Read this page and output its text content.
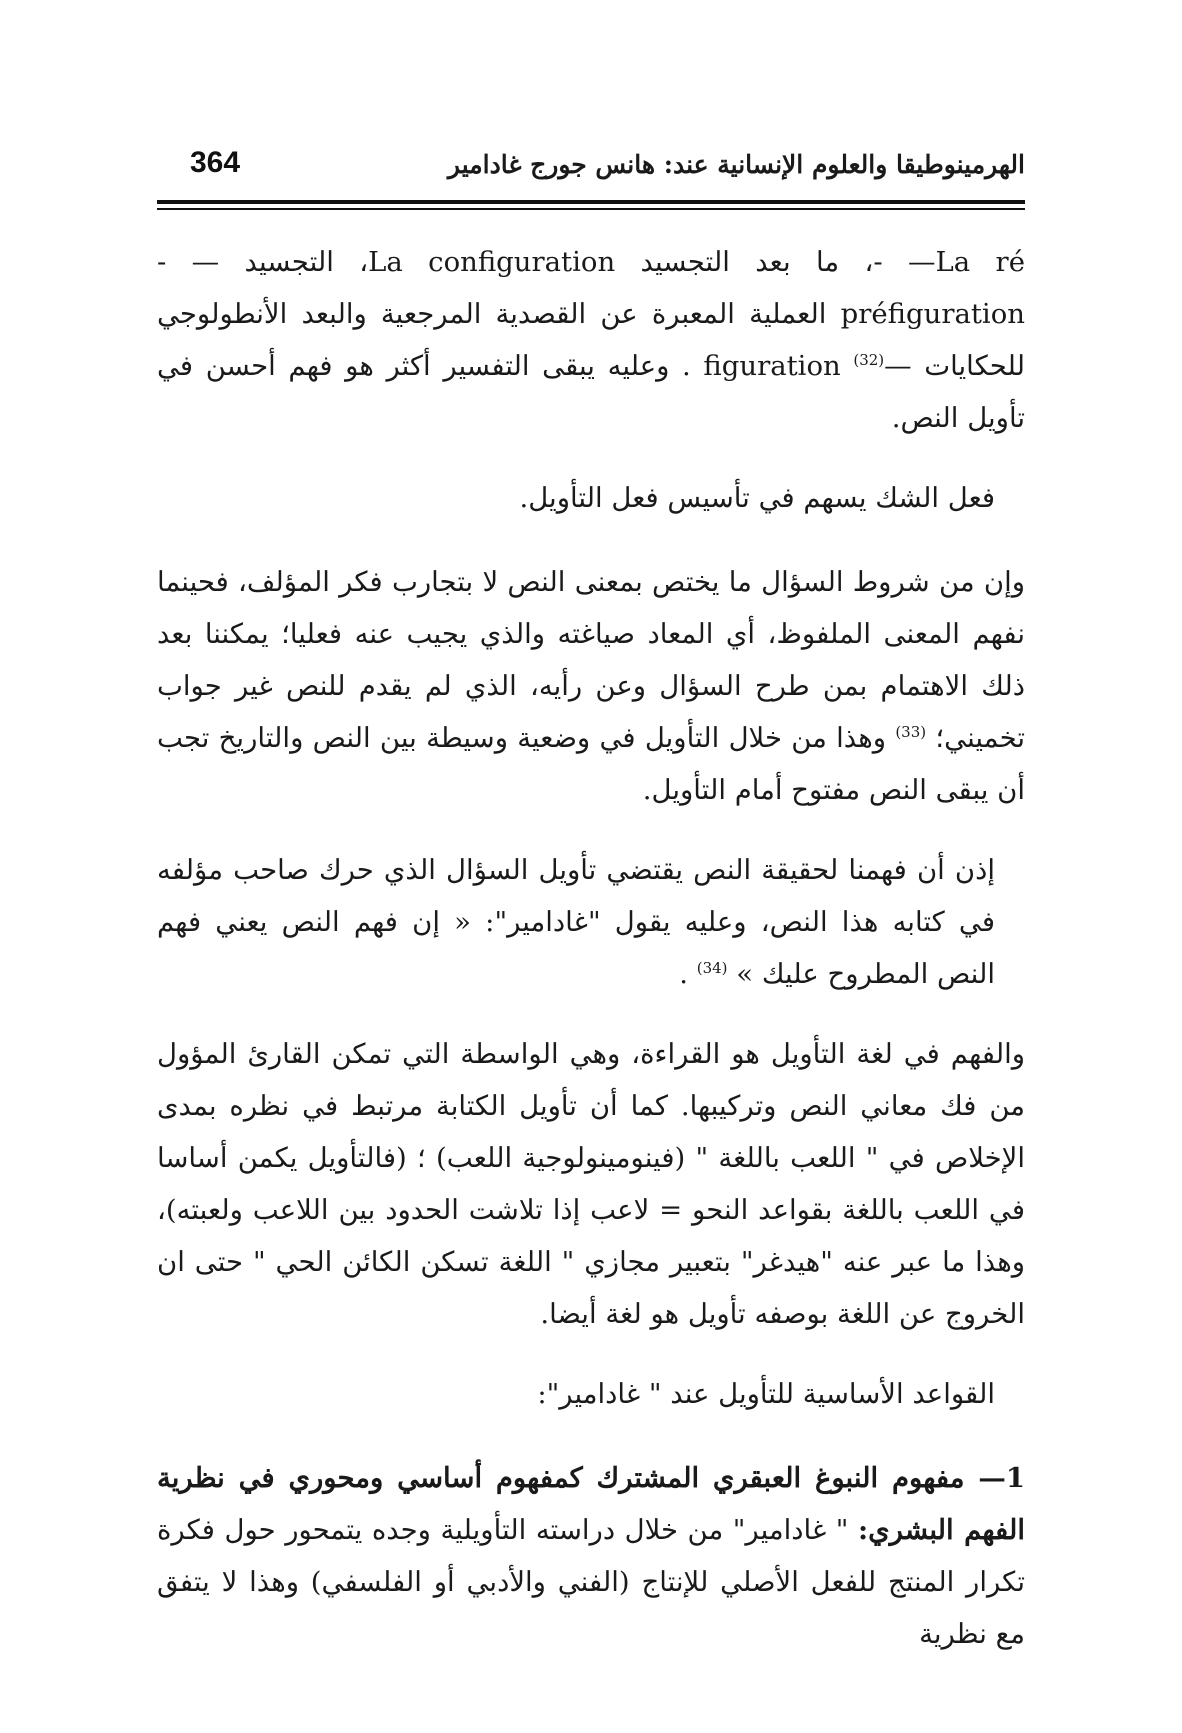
364	الهرمينوطيقا والعلوم الإنسانية عند: هانس جورج غادامير

La ré— -، ما بعد التجسيد La configuration، التجسيد — - préfiguration العملية المعبرة عن القصدية المرجعية والبعد الأنطولوجي للحكايات —figuration $^{(32)}$ . وعليه يبقى التفسير أكثر هو فهم أحسن في تأويل النص.

فعل الشك يسهم في تأسيس فعل التأويل.

وإن من شروط السؤال ما يختص بمعنى النص لا بتجارب فكر المؤلف، فحينما نفهم المعنى الملفوظ، أي المعاد صياغته والذي يجيب عنه فعليا؛ يمكننا بعد ذلك الاهتمام بمن طرح السؤال وعن رأيه، الذي لم يقدم للنص غير جواب تخميني؛ $^{(33)}$ وهذا من خلال التأويل في وضعية وسيطة بين النص والتاريخ تجب أن يبقى النص مفتوح أمام التأويل.

إذن أن فهمنا لحقيقة النص يقتضي تأويل السؤال الذي حرك صاحب مؤلفه في كتابه هذا النص، وعليه يقول "غادامير": « إن فهم النص يعني فهم النص المطروح عليك » $^{(34)}$ .

والفهم في لغة التأويل هو القراءة، وهي الواسطة التي تمكن القارئ المؤول من فك معاني النص وتركيبها. كما أن تأويل الكتابة مرتبط في نظره بمدى الإخلاص في " اللعب باللغة " (فينومينولوجية اللعب) ؛ (فالتأويل يكمن أساسا في اللعب باللغة بقواعد النحو = لاعب إذا تلاشت الحدود بين اللاعب ولعبته)، وهذا ما عبر عنه "هيدغر" بتعبير مجازي " اللغة تسكن الكائن الحي " حتى ان الخروج عن اللغة بوصفه تأويل هو لغة أيضا.

القواعد الأساسية للتأويل عند " غادامير":

1— مفهوم النبوغ العبقري المشترك كمفهوم أساسي ومحوري في نظرية الفهم البشري: " غادامير" من خلال دراسته التأويلية وجده يتمحور حول فكرة تكرار المنتج للفعل الأصلي للإنتاج (الفني والأدبي أو الفلسفي) وهذا لا يتفق مع نظرية
